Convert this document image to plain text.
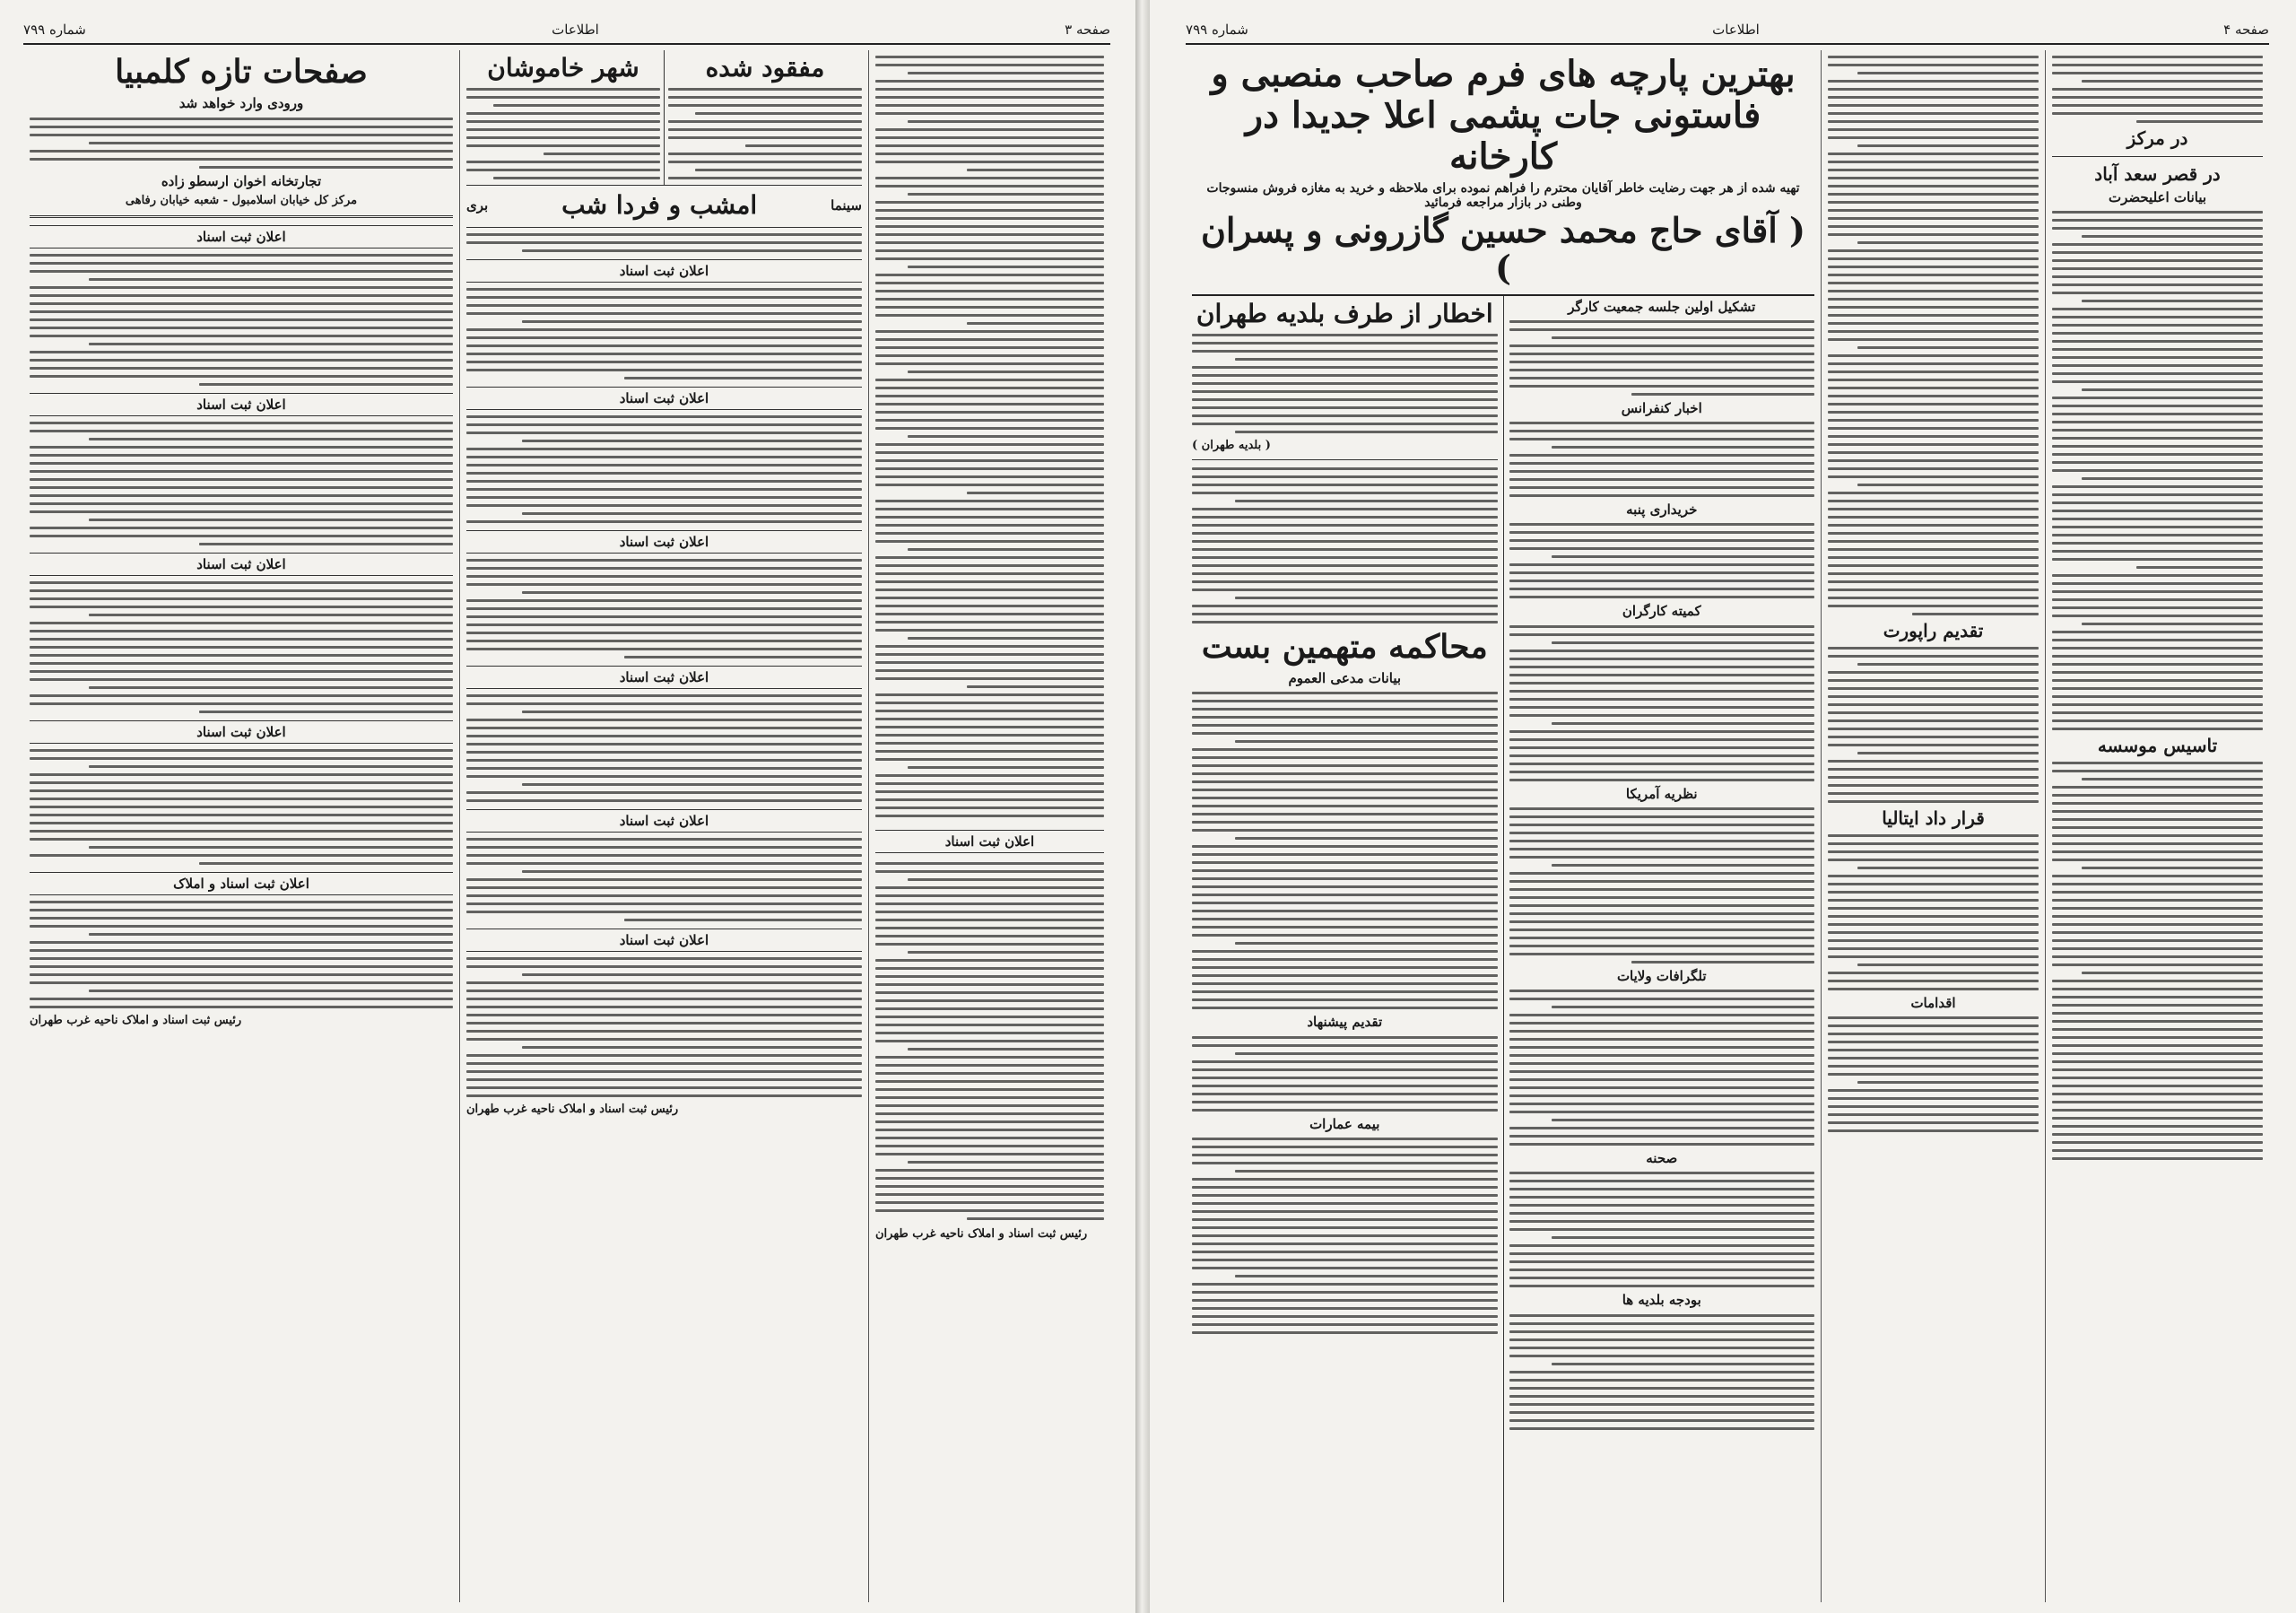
صفحه ۳
اطلاعات
شماره ۷۹۹
اعلان ثبت اسناد
رئیس ثبت اسناد و املاک ناحیه غرب طهران
مفقود شده
شهر خاموشان
سینما
امشب و فردا شب
بری
اعلان ثبت اسناد
اعلان ثبت اسناد
اعلان ثبت اسناد
اعلان ثبت اسناد
اعلان ثبت اسناد
اعلان ثبت اسناد
رئیس ثبت اسناد و املاک ناحیه غرب طهران
صفحات تازه کلمبیا
ورودی وارد خواهد شد
تجارتخانه اخوان ارسطو زاده
مرکز کل خیابان اسلامبول - شعبه خیابان رفاهی
اعلان ثبت اسناد
اعلان ثبت اسناد
اعلان ثبت اسناد
اعلان ثبت اسناد
اعلان ثبت اسناد و املاک
رئیس ثبت اسناد و املاک ناحیه غرب طهران
صفحه ۴
اطلاعات
شماره ۷۹۹
در مرکز
در قصر سعد آباد
بیانات اعلیحضرت
تاسیس موسسه
تقدیم راپورت
قرار داد ایتالیا
اقدامات
بهترین پارچه های فرم صاحب منصبی و فاستونی جات پشمی اعلا جدیدا در کارخانه
تهیه شده از هر جهت رضایت خاطر آقایان محترم را فراهم نموده برای ملاحظه و خرید به مغازه فروش منسوجات وطنی در بازار مراجعه فرمائید
( آقای حاج محمد حسین گازرونی و پسران )
تشکیل اولین جلسه جمعیت کارگر
اخبار کنفرانس
خریداری پنبه
کمیته کارگران
نظریه آمریکا
تلگرافات ولایات
صحنه
بودجه بلدیه ها
اخطار از طرف بلدیه طهران
( بلدیه طهران )
محاکمه متهمین بست
بیانات مدعی العموم
تقدیم پیشنهاد
بیمه عمارات
